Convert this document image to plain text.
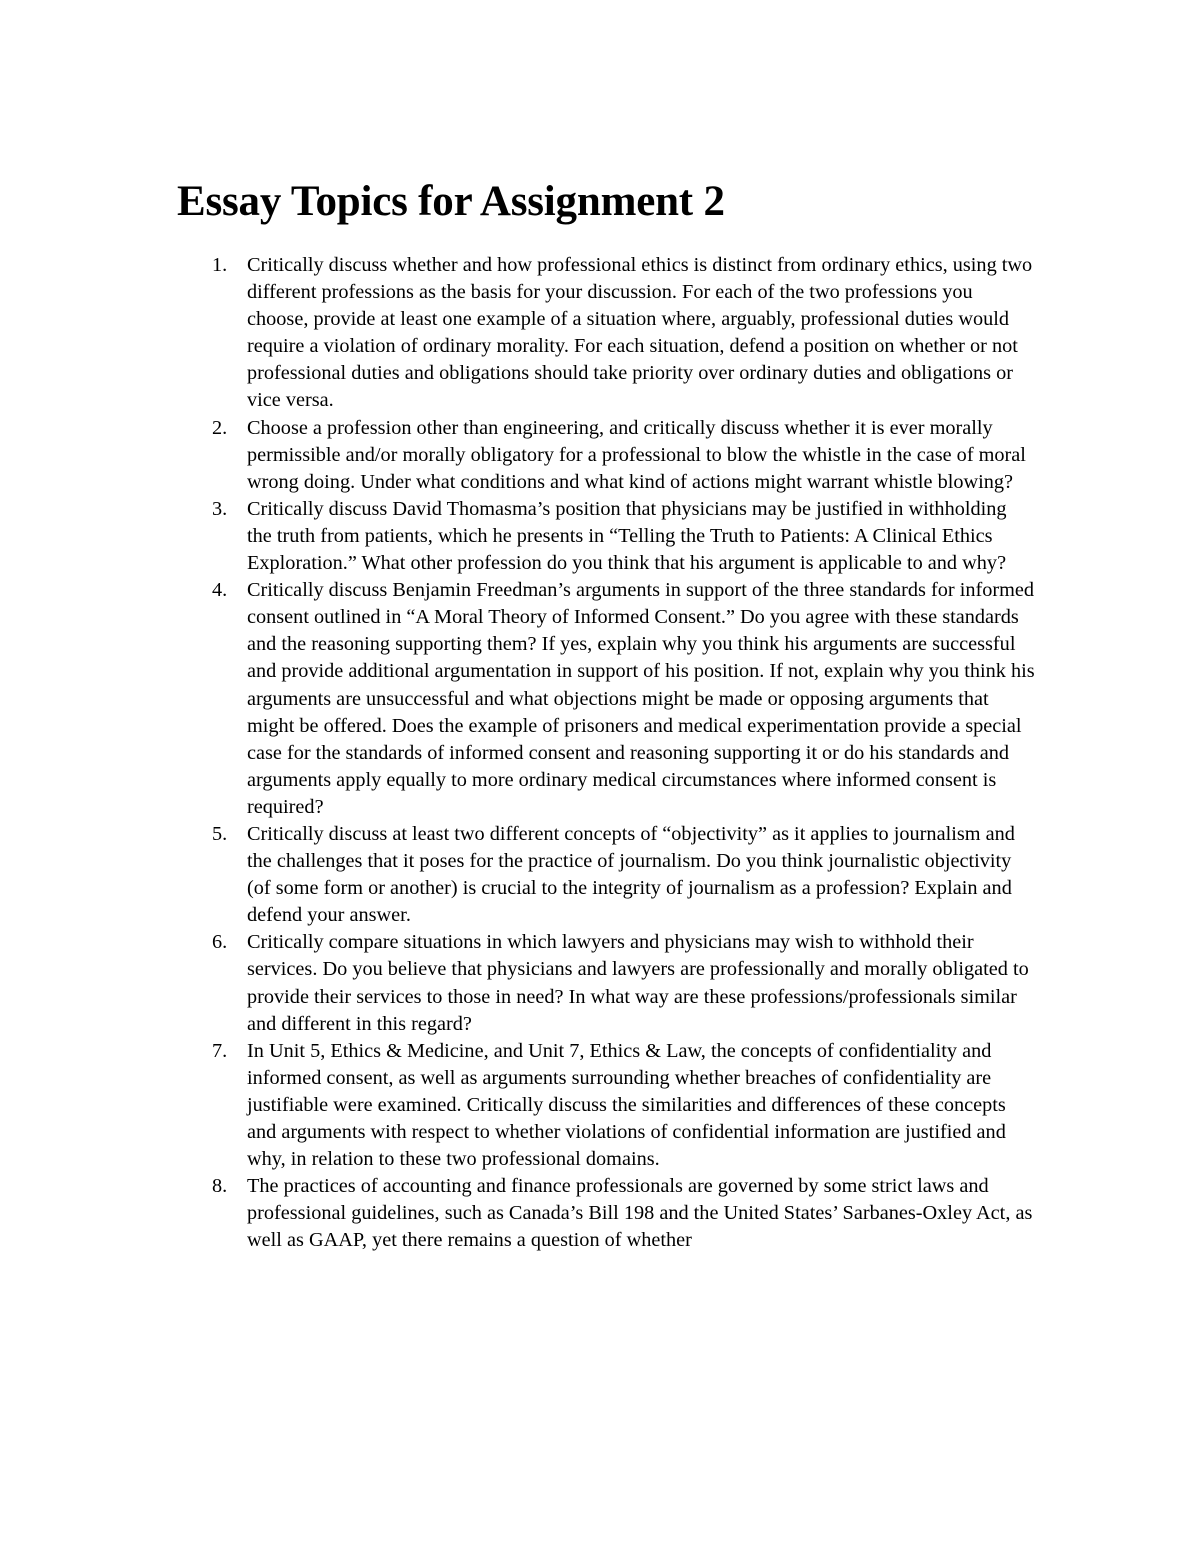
Essay Topics for Assignment 2
1. Critically discuss whether and how professional ethics is distinct from ordinary ethics, using two different professions as the basis for your discussion. For each of the two professions you choose, provide at least one example of a situation where, arguably, professional duties would require a violation of ordinary morality. For each situation, defend a position on whether or not professional duties and obligations should take priority over ordinary duties and obligations or vice versa.
2. Choose a profession other than engineering, and critically discuss whether it is ever morally permissible and/or morally obligatory for a professional to blow the whistle in the case of moral wrong doing. Under what conditions and what kind of actions might warrant whistle blowing?
3. Critically discuss David Thomasma’s position that physicians may be justified in withholding the truth from patients, which he presents in “Telling the Truth to Patients: A Clinical Ethics Exploration.” What other profession do you think that his argument is applicable to and why?
4. Critically discuss Benjamin Freedman’s arguments in support of the three standards for informed consent outlined in “A Moral Theory of Informed Consent.” Do you agree with these standards and the reasoning supporting them? If yes, explain why you think his arguments are successful and provide additional argumentation in support of his position. If not, explain why you think his arguments are unsuccessful and what objections might be made or opposing arguments that might be offered. Does the example of prisoners and medical experimentation provide a special case for the standards of informed consent and reasoning supporting it or do his standards and arguments apply equally to more ordinary medical circumstances where informed consent is required?
5. Critically discuss at least two different concepts of “objectivity” as it applies to journalism and the challenges that it poses for the practice of journalism. Do you think journalistic objectivity (of some form or another) is crucial to the integrity of journalism as a profession? Explain and defend your answer.
6. Critically compare situations in which lawyers and physicians may wish to withhold their services. Do you believe that physicians and lawyers are professionally and morally obligated to provide their services to those in need? In what way are these professions/professionals similar and different in this regard?
7. In Unit 5, Ethics & Medicine, and Unit 7, Ethics & Law, the concepts of confidentiality and informed consent, as well as arguments surrounding whether breaches of confidentiality are justifiable were examined. Critically discuss the similarities and differences of these concepts and arguments with respect to whether violations of confidential information are justified and why, in relation to these two professional domains.
8. The practices of accounting and finance professionals are governed by some strict laws and professional guidelines, such as Canada’s Bill 198 and the United States’ Sarbanes-Oxley Act, as well as GAAP, yet there remains a question of whether
